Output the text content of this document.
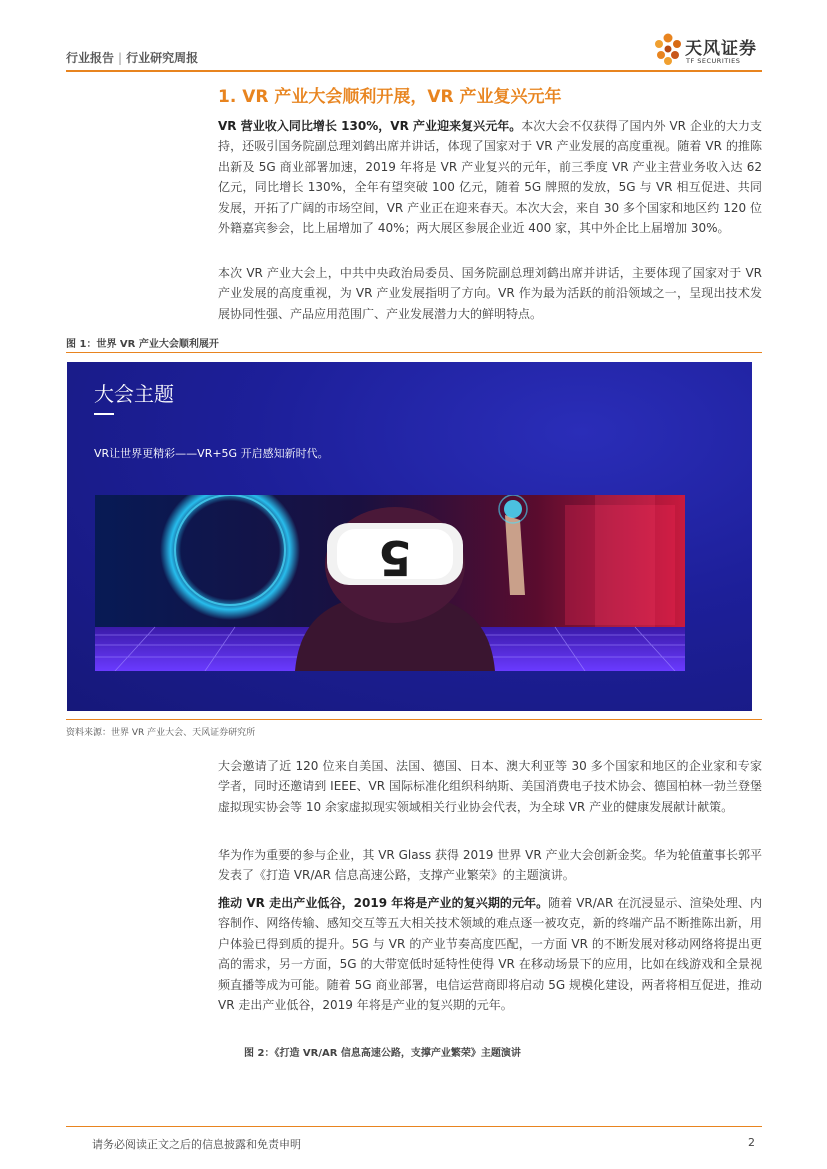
行业报告 | 行业研究周报	天风证券
TF SECURITIES
1. VR 产业大会顺利开展，VR 产业复兴元年

VR 营业收入同比增长 130%，VR 产业迎来复兴元年。本次大会不仅获得了国内外 VR 企业的大力支持，还吸引国务院副总理刘鹤出席并讲话，体现了国家对于 VR 产业发展的高度重视。随着 VR 的推陈出新及 5G 商业部署加速，2019 年将是 VR 产业复兴的元年，前三季度 VR 产业主营业务收入达 62 亿元，同比增长 130%，全年有望突破 100 亿元，随着 5G 牌照的发放，5G 与 VR 相互促进、共同发展，开拓了广阔的市场空间，VR 产业正在迎来春天。本次大会，来自 30 多个国家和地区约 120 位外籍嘉宾参会，比上届增加了 40%；两大展区参展企业近 400 家，其中外企比上届增加 30%。

本次 VR 产业大会上，中共中央政治局委员、国务院副总理刘鹤出席并讲话，主要体现了国家对于 VR 产业发展的高度重视，为 VR 产业发展指明了方向。VR 作为最为活跃的前沿领域之一，呈现出技术发展协同性强、产品应用范围广、产业发展潜力大的鲜明特点。

图 1：世界 VR 产业大会顺利展开
大会主题
VR让世界更精彩——VR+5G 开启感知新时代。
5
资料来源：世界 VR 产业大会、天风证券研究所

大会邀请了近 120 位来自美国、法国、德国、日本、澳大利亚等 30 多个国家和地区的企业家和专家学者，同时还邀请到 IEEE、VR 国际标准化组织科纳斯、美国消费电子技术协会、德国柏林一勃兰登堡虚拟现实协会等 10 余家虚拟现实领域相关行业协会代表，为全球 VR 产业的健康发展献计献策。

华为作为重要的参与企业，其 VR Glass 获得 2019 世界 VR 产业大会创新金奖。华为轮值董事长郭平发表了《打造 VR/AR 信息高速公路，支撑产业繁荣》的主题演讲。

推动 VR 走出产业低谷，2019 年将是产业的复兴期的元年。随着 VR/AR 在沉浸显示、渲染处理、内容制作、网络传输、感知交互等五大相关技术领域的难点逐一被攻克，新的终端产品不断推陈出新，用户体验已得到质的提升。5G 与 VR 的产业节奏高度匹配，一方面 VR 的不断发展对移动网络将提出更高的需求，另一方面，5G 的大带宽低时延特性使得 VR 在移动场景下的应用，比如在线游戏和全景视频直播等成为可能。随着 5G 商业部署，电信运营商即将启动 5G 规模化建设，两者将相互促进，推动 VR 走出产业低谷，2019 年将是产业的复兴期的元年。

图 2：《打造 VR/AR 信息高速公路，支撑产业繁荣》主题演讲
请务必阅读正文之后的信息披露和免责申明	2
